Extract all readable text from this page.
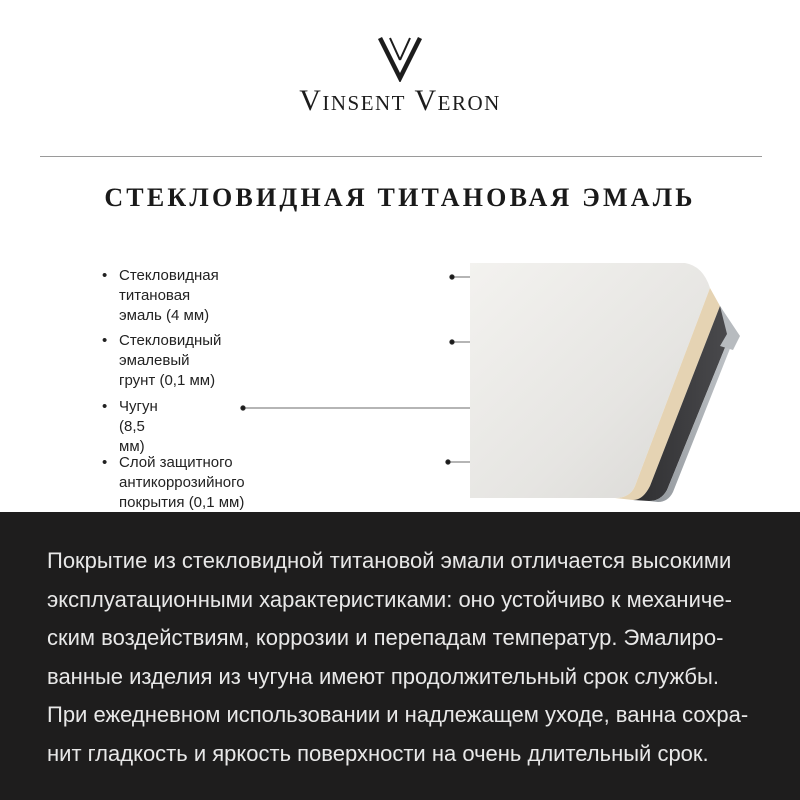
Vinsent Veron
СТЕКЛОВИДНАЯ ТИТАНОВАЯ ЭМАЛЬ
• Стекловидная титановая эмаль (4 мм)
• Стекловидный эмалевый грунт (0,1 мм)
• Чугун (8,5 мм)
• Слой защитного антикоррозийного
покрытия (0,1 мм)
Покрытие из стекловидной титановой эмали отличается высокими
эксплуатационными характеристиками: оно устойчиво к механиче-
ским воздействиям, коррозии и перепадам температур. Эмалиро-
ванные изделия из чугуна имеют продолжительный срок службы.
При ежедневном использовании и надлежащем уходе, ванна сохра-
нит гладкость и яркость поверхности на очень длительный срок.
